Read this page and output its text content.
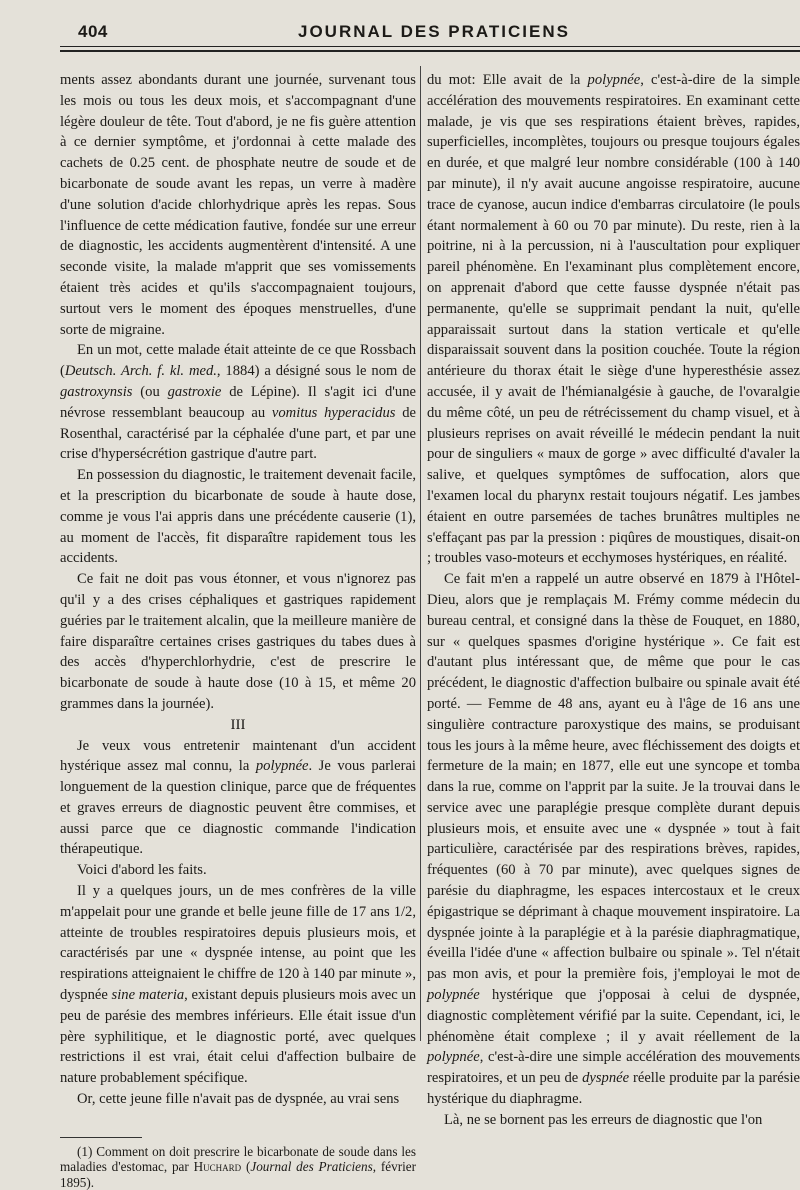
404	JOURNAL DES PRATICIENS

ments assez abondants durant une journée, survenant tous les mois ou tous les deux mois, et s'accompagnant d'une légère douleur de tête. Tout d'abord, je ne fis guère attention à ce dernier symptôme, et j'ordonnai à cette malade des cachets de 0.25 cent. de phosphate neutre de soude et de bicarbonate de soude avant les repas, un verre à madère d'une solution d'acide chlorhydrique après les repas. Sous l'influence de cette médication fautive, fondée sur une erreur de diagnostic, les accidents augmentèrent d'intensité. A une seconde visite, la malade m'apprit que ses vomissements étaient très acides et qu'ils s'accompagnaient toujours, surtout vers le moment des époques menstruelles, d'une sorte de migraine.

En un mot, cette malade était atteinte de ce que Rossbach (Deutsch. Arch. f. kl. med., 1884) a désigné sous le nom de gastroxynsis (ou gastroxie de Lépine). Il s'agit ici d'une névrose ressemblant beaucoup au vomitus hyperacidus de Rosenthal, caractérisé par la céphalée d'une part, et par une crise d'hypersécrétion gastrique d'autre part.

En possession du diagnostic, le traitement devenait facile, et la prescription du bicarbonate de soude à haute dose, comme je vous l'ai appris dans une précédente causerie (1), au moment de l'accès, fit disparaître rapidement tous les accidents.

Ce fait ne doit pas vous étonner, et vous n'ignorez pas qu'il y a des crises céphaliques et gastriques rapidement guéries par le traitement alcalin, que la meilleure manière de faire disparaître certaines crises gastriques du tabes dues à des accès d'hyperchlorhydrie, c'est de prescrire le bicarbonate de soude à haute dose (10 à 15, et même 20 grammes dans la journée).

III

Je veux vous entretenir maintenant d'un accident hystérique assez mal connu, la polypnée. Je vous parlerai longuement de la question clinique, parce que de fréquentes et graves erreurs de diagnostic peuvent être commises, et aussi parce que ce diagnostic commande l'indication thérapeutique.

Voici d'abord les faits.

Il y a quelques jours, un de mes confrères de la ville m'appelait pour une grande et belle jeune fille de 17 ans 1/2, atteinte de troubles respiratoires depuis plusieurs mois, et caractérisés par une « dyspnée intense, au point que les respirations atteignaient le chiffre de 120 à 140 par minute », dyspnée sine materia, existant depuis plusieurs mois avec un peu de parésie des membres inférieurs. Elle était issue d'un père syphilitique, et le diagnostic porté, avec quelques restrictions il est vrai, était celui d'affection bulbaire de nature probablement spécifique.

Or, cette jeune fille n'avait pas de dyspnée, au vrai sens

(1) Comment on doit prescrire le bicarbonate de soude dans les maladies d'estomac, par Huchard (Journal des Praticiens, février 1895).

du mot: Elle avait de la polypnée, c'est-à-dire de la simple accélération des mouvements respiratoires. En examinant cette malade, je vis que ses respirations étaient brèves, rapides, superficielles, incomplètes, toujours ou presque toujours égales en durée, et que malgré leur nombre considérable (100 à 140 par minute), il n'y avait aucune angoisse respiratoire, aucune trace de cyanose, aucun indice d'embarras circulatoire (le pouls étant normalement à 60 ou 70 par minute). Du reste, rien à la poitrine, ni à la percussion, ni à l'auscultation pour expliquer pareil phénomène. En l'examinant plus complètement encore, on apprenait d'abord que cette fausse dyspnée n'était pas permanente, qu'elle se supprimait pendant la nuit, qu'elle apparaissait surtout dans la station verticale et qu'elle disparaissait souvent dans la position couchée. Toute la région antérieure du thorax était le siège d'une hyperesthésie assez accusée, il y avait de l'hémianalgésie à gauche, de l'ovaralgie du même côté, un peu de rétrécissement du champ visuel, et à plusieurs reprises on avait réveillé le médecin pendant la nuit pour de singuliers « maux de gorge » avec difficulté d'avaler la salive, et quelques symptômes de suffocation, alors que l'examen local du pharynx restait toujours négatif. Les jambes étaient en outre parsemées de taches brunâtres multiples ne s'effaçant pas par la pression : piqûres de moustiques, disait-on ; troubles vaso-moteurs et ecchymoses hystériques, en réalité.

Ce fait m'en a rappelé un autre observé en 1879 à l'Hôtel-Dieu, alors que je remplaçais M. Frémy comme médecin du bureau central, et consigné dans la thèse de Fouquet, en 1880, sur « quelques spasmes d'origine hystérique ». Ce fait est d'autant plus intéressant que, de même que pour le cas précédent, le diagnostic d'affection bulbaire ou spinale avait été porté. — Femme de 48 ans, ayant eu à l'âge de 16 ans une singulière contracture paroxystique des mains, se produisant tous les jours à la même heure, avec fléchissement des doigts et fermeture de la main; en 1877, elle eut une syncope et tomba dans la rue, comme on l'apprit par la suite. Je la trouvai dans le service avec une paraplégie presque complète durant depuis plusieurs mois, et ensuite avec une « dyspnée » tout à fait particulière, caractérisée par des respirations brèves, rapides, fréquentes (60 à 70 par minute), avec quelques signes de parésie du diaphragme, les espaces intercostaux et le creux épigastrique se déprimant à chaque mouvement inspiratoire. La dyspnée jointe à la paraplégie et à la parésie diaphragmatique, éveilla l'idée d'une « affection bulbaire ou spinale ». Tel n'était pas mon avis, et pour la première fois, j'employai le mot de polypnée hystérique que j'opposai à celui de dyspnée, diagnostic complètement vérifié par la suite. Cependant, ici, le phénomène était complexe ; il y avait réellement de la polypnée, c'est-à-dire une simple accélération des mouvements respiratoires, et un peu de dyspnée réelle produite par la parésie hystérique du diaphragme.

Là, ne se bornent pas les erreurs de diagnostic que l'on
